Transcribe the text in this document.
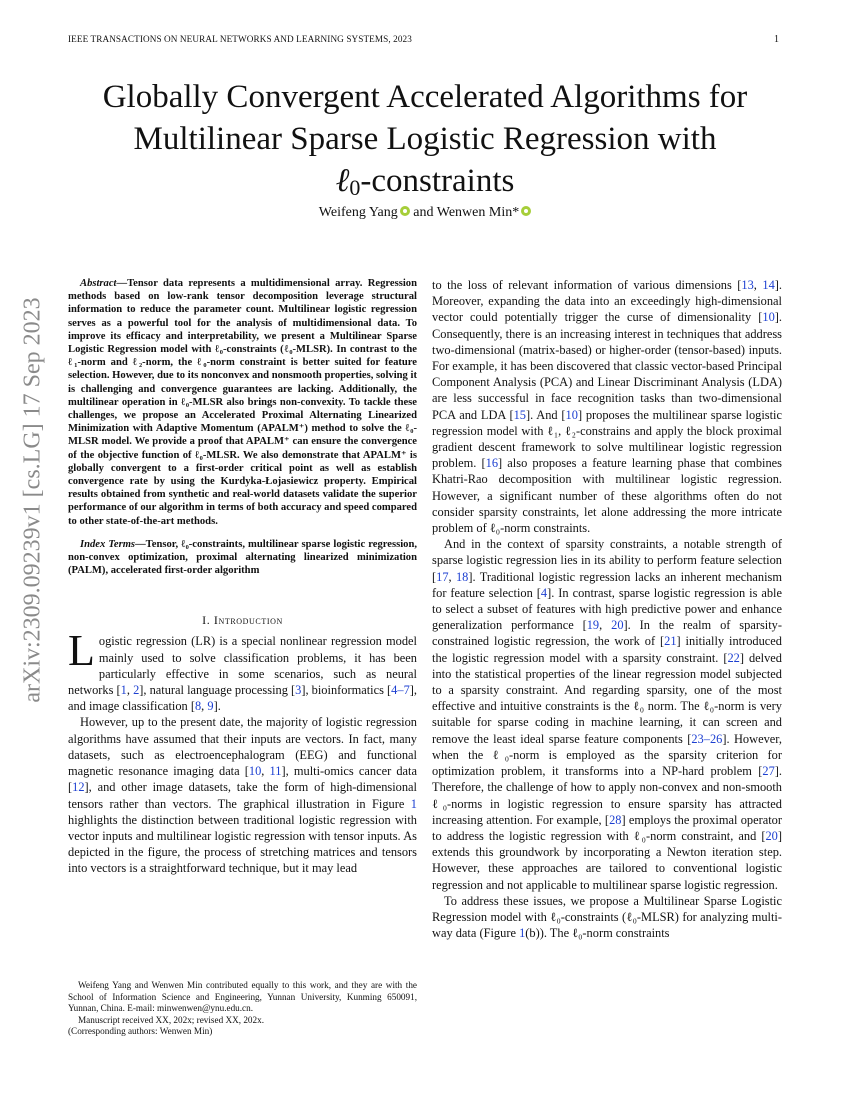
IEEE TRANSACTIONS ON NEURAL NETWORKS AND LEARNING SYSTEMS, 2023	1
arXiv:2309.09239v1 [cs.LG] 17 Sep 2023
Globally Convergent Accelerated Algorithms for
Multilinear Sparse Logistic Regression with
ℓ$_0$-constraints
Weifeng Yang and Wenwen Min*

Abstract—Tensor data represents a multidimensional array. Regression methods based on low-rank tensor decomposition leverage structural information to reduce the parameter count. Multilinear logistic regression serves as a powerful tool for the analysis of multidimensional data. To improve its efficacy and interpretability, we present a Multilinear Sparse Logistic Regression model with ℓ₀-constraints (ℓ₀-MLSR). In contrast to the ℓ₁-norm and ℓ₂-norm, the ℓ₀-norm constraint is better suited for feature selection. However, due to its nonconvex and nonsmooth properties, solving it is challenging and convergence guarantees are lacking. Additionally, the multilinear operation in ℓ₀-MLSR also brings non-convexity. To tackle these challenges, we propose an Accelerated Proximal Alternating Linearized Minimization with Adaptive Momentum (APALM⁺) method to solve the ℓ₀-MLSR model. We provide a proof that APALM⁺ can ensure the convergence of the objective function of ℓ₀-MLSR. We also demonstrate that APALM⁺ is globally convergent to a first-order critical point as well as establish convergence rate by using the Kurdyka-Łojasiewicz property. Empirical results obtained from synthetic and real-world datasets validate the superior performance of our algorithm in terms of both accuracy and speed compared to other state-of-the-art methods.

Index Terms—Tensor, ℓ₀-constraints, multilinear sparse logistic regression, non-convex optimization, proximal alternating linearized minimization (PALM), accelerated first-order algorithm

I. Introduction

Logistic regression (LR) is a special nonlinear regression model mainly used to solve classification problems, it has been particularly effective in some scenarios, such as neural networks [1, 2], natural language processing [3], bioinformatics [4–7], and image classification [8, 9].

However, up to the present date, the majority of logistic regression algorithms have assumed that their inputs are vectors. In fact, many datasets, such as electroencephalogram (EEG) and functional magnetic resonance imaging data [10, 11], multi-omics cancer data [12], and other image datasets, take the form of high-dimensional tensors rather than vectors. The graphical illustration in Figure 1 highlights the distinction between traditional logistic regression with vector inputs and multilinear logistic regression with tensor inputs. As depicted in the figure, the process of stretching matrices and tensors into vectors is a straightforward technique, but it may lead

to the loss of relevant information of various dimensions [13, 14]. Moreover, expanding the data into an exceedingly high-dimensional vector could potentially trigger the curse of dimensionality [10]. Consequently, there is an increasing interest in techniques that address two-dimensional (matrix-based) or higher-order (tensor-based) inputs. For example, it has been discovered that classic vector-based Principal Component Analysis (PCA) and Linear Discriminant Analysis (LDA) are less successful in face recognition tasks than two-dimensional PCA and LDA [15]. And [10] proposes the multilinear sparse logistic regression model with ℓ₁, ℓ₂-constrains and apply the block proximal gradient descent framework to solve multilinear logistic regression problem. [16] also proposes a feature learning phase that combines Khatri-Rao decomposition with multilinear logistic regression. However, a significant number of these algorithms often do not consider sparsity constraints, let alone addressing the more intricate problem of ℓ₀-norm constraints.

And in the context of sparsity constraints, a notable strength of sparse logistic regression lies in its ability to perform feature selection [17, 18]. Traditional logistic regression lacks an inherent mechanism for feature selection [4]. In contrast, sparse logistic regression is able to select a subset of features with high predictive power and enhance generalization performance [19, 20]. In the realm of sparsity-constrained logistic regression, the work of [21] initially introduced the logistic regression model with a sparsity constraint. [22] delved into the statistical properties of the linear regression model subjected to a sparsity constraint. And regarding sparsity, one of the most effective and intuitive constraints is the ℓ₀ norm. The ℓ₀-norm is very suitable for sparse coding in machine learning, it can screen and remove the least ideal sparse feature components [23–26]. However, when the ℓ₀-norm is employed as the sparsity criterion for optimization problem, it transforms into a NP-hard problem [27]. Therefore, the challenge of how to apply non-convex and non-smooth ℓ₀-norms in logistic regression to ensure sparsity has attracted increasing attention. For example, [28] employs the proximal operator to address the logistic regression with ℓ₀-norm constraint, and [20] extends this groundwork by incorporating a Newton iteration step. However, these approaches are tailored to conventional logistic regression and not applicable to multilinear sparse logistic regression.

To address these issues, we propose a Multilinear Sparse Logistic Regression model with ℓ₀-constraints (ℓ₀-MLSR) for analyzing multi-way data (Figure 1(b)). The ℓ₀-norm constraints

Weifeng Yang and Wenwen Min contributed equally to this work, and they are with the School of Information Science and Engineering, Yunnan University, Kunming 650091, Yunnan, China. E-mail: minwenwen@ynu.edu.cn.

Manuscript received XX, 202x; revised XX, 202x.

(Corresponding authors: Wenwen Min)
